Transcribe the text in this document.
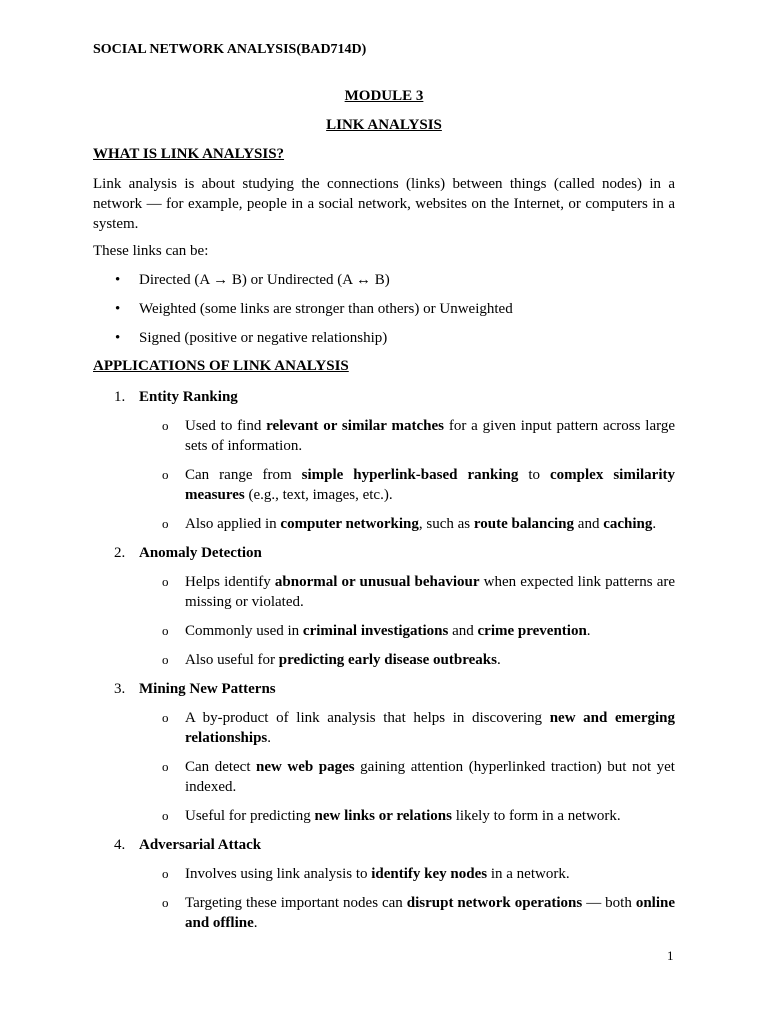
SOCIAL NETWORK ANALYSIS(BAD714D)
MODULE 3
LINK ANALYSIS
WHAT IS LINK ANALYSIS?
Link analysis is about studying the connections (links) between things (called nodes) in a network — for example, people in a social network, websites on the Internet, or computers in a system.
These links can be:
• Directed (A → B) or Undirected (A ↔ B)
• Weighted (some links are stronger than others) or Unweighted
• Signed (positive or negative relationship)
APPLICATIONS OF LINK ANALYSIS
1. Entity Ranking
o Used to find relevant or similar matches for a given input pattern across large sets of information.
o Can range from simple hyperlink-based ranking to complex similarity measures (e.g., text, images, etc.).
o Also applied in computer networking, such as route balancing and caching.
2. Anomaly Detection
o Helps identify abnormal or unusual behaviour when expected link patterns are missing or violated.
o Commonly used in criminal investigations and crime prevention.
o Also useful for predicting early disease outbreaks.
3. Mining New Patterns
o A by-product of link analysis that helps in discovering new and emerging relationships.
o Can detect new web pages gaining attention (hyperlinked traction) but not yet indexed.
o Useful for predicting new links or relations likely to form in a network.
4. Adversarial Attack
o Involves using link analysis to identify key nodes in a network.
o Targeting these important nodes can disrupt network operations — both online and offline.
1
